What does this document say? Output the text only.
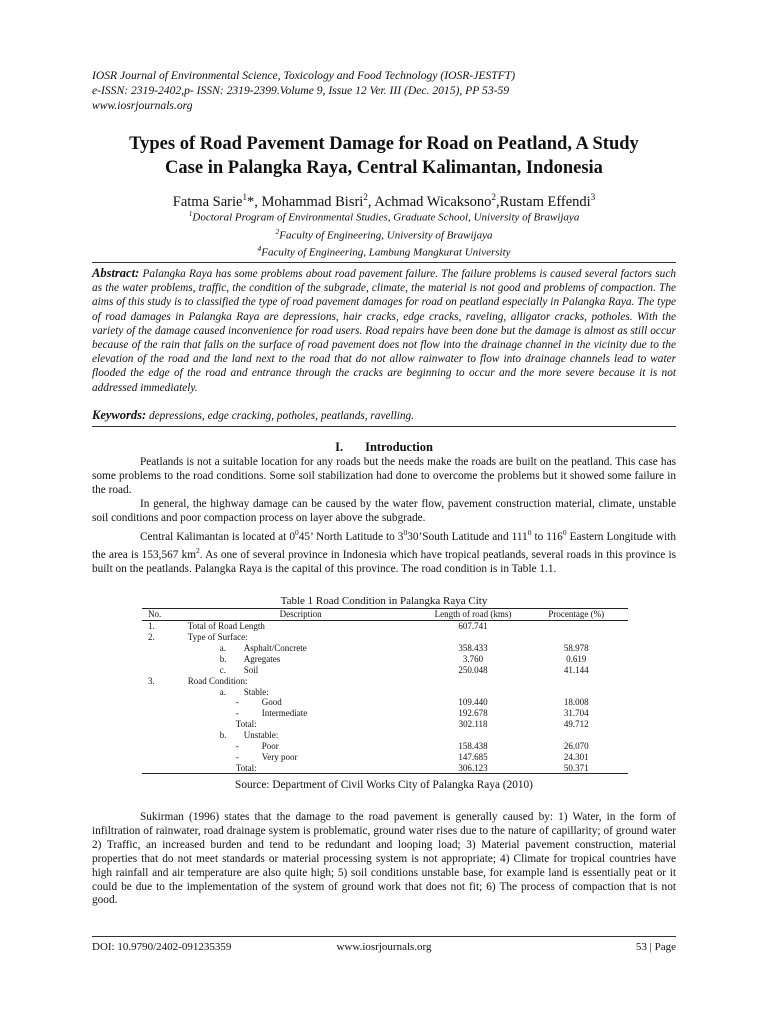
IOSR Journal of Environmental Science, Toxicology and Food Technology (IOSR-JESTFT)
e-ISSN: 2319-2402,p- ISSN: 2319-2399.Volume 9, Issue 12 Ver. III (Dec. 2015), PP 53-59
www.iosrjournals.org
Types of Road Pavement Damage for Road on Peatland, A Study
Case in Palangka Raya, Central Kalimantan, Indonesia
Fatma Sarie$^1$*, Mohammad Bisri$^2$, Achmad Wicaksono$^2$,Rustam Effendi$^3$
$^1$Doctoral Program of Environmental Studies, Graduate School, University of Brawijaya
$^2$Faculty of Engineering, University of Brawijaya
$^4$Faculty of Engineering, Lambung Mangkurat University
Abstract: Palangka Raya has some problems about road pavement failure. The failure problems is caused several factors such as the water problems, traffic, the condition of the subgrade, climate, the material is not good and problems of compaction. The aims of this study is to classified the type of road pavement damages for road on peatland especially in Palangka Raya. The type of road damages in Palangka Raya are depressions, hair cracks, edge cracks, raveling, alligator cracks, potholes. With the variety of the damage caused inconvenience for road users. Road repairs have been done but the damage is almost as still occur because of the rain that falls on the surface of road pavement does not flow into the drainage channel in the vicinity due to the elevation of the road and the land next to the road that do not allow rainwater to flow into drainage channels lead to water flooded the edge of the road and entrance through the cracks are beginning to occur and the more severe because it is not addressed immediately.
Keywords: depressions, edge cracking, potholes, peatlands, ravelling.
I. Introduction

Peatlands is not a suitable location for any roads but the needs make the roads are built on the peatland. This case has some problems to the road conditions. Some soil stabilization had done to overcome the problems but it showed some failure in the road.

In general, the highway damage can be caused by the water flow, pavement construction material, climate, unstable soil conditions and poor compaction process on layer above the subgrade.

Central Kalimantan is located at $0^045$’ North Latitude to $3^030’South$ Latitude and $111^0$ to $116^0$ Eastern Longitude with the area is 153,567 $km^2$. As one of several province in Indonesia which have tropical peatlands, several roads in this province is built on the peatlands. Palangka Raya is the capital of this province. The road condition is in Table 1.1.

Table 1 Road Condition in Palangka Raya City
No.	Description	Length of road (kms)	Procentage (%)
1.	Total of Road Length	607.741	
2.	Type of Surface:		
	a. Asphalt/Concrete	358.433	58.978
	b. Agregates	3.760	0.619
	c. Soil	250.048	41.144
3.	Road Condition:		
	a. Stable:		
	- Good	109.440	18.008
	- Intermediate	192.678	31.704
	Total:	302.118	49.712
	b. Unstable:		
	- Poor	158.438	26.070
	- Very poor	147.685	24.301
	Total:	306.123	50.371
Source: Department of Civil Works City of Palangka Raya (2010)

Sukirman (1996) states that the damage to the road pavement is generally caused by: 1) Water, in the form of infiltration of rainwater, road drainage system is problematic, ground water rises due to the nature of capillarity; of ground water 2) Traffic, an increased burden and tend to be redundant and looping load; 3) Material pavement construction, material properties that do not meet standards or material processing system is not appropriate; 4) Climate for tropical countries have high rainfall and air temperature are also quite high; 5) soil conditions unstable base, for example land is essentially peat or it could be due to the implementation of the system of ground work that does not fit; 6) The process of compaction that is not good.

DOI: 10.9790/2402-091235359	www.iosrjournals.org	53 | Page
